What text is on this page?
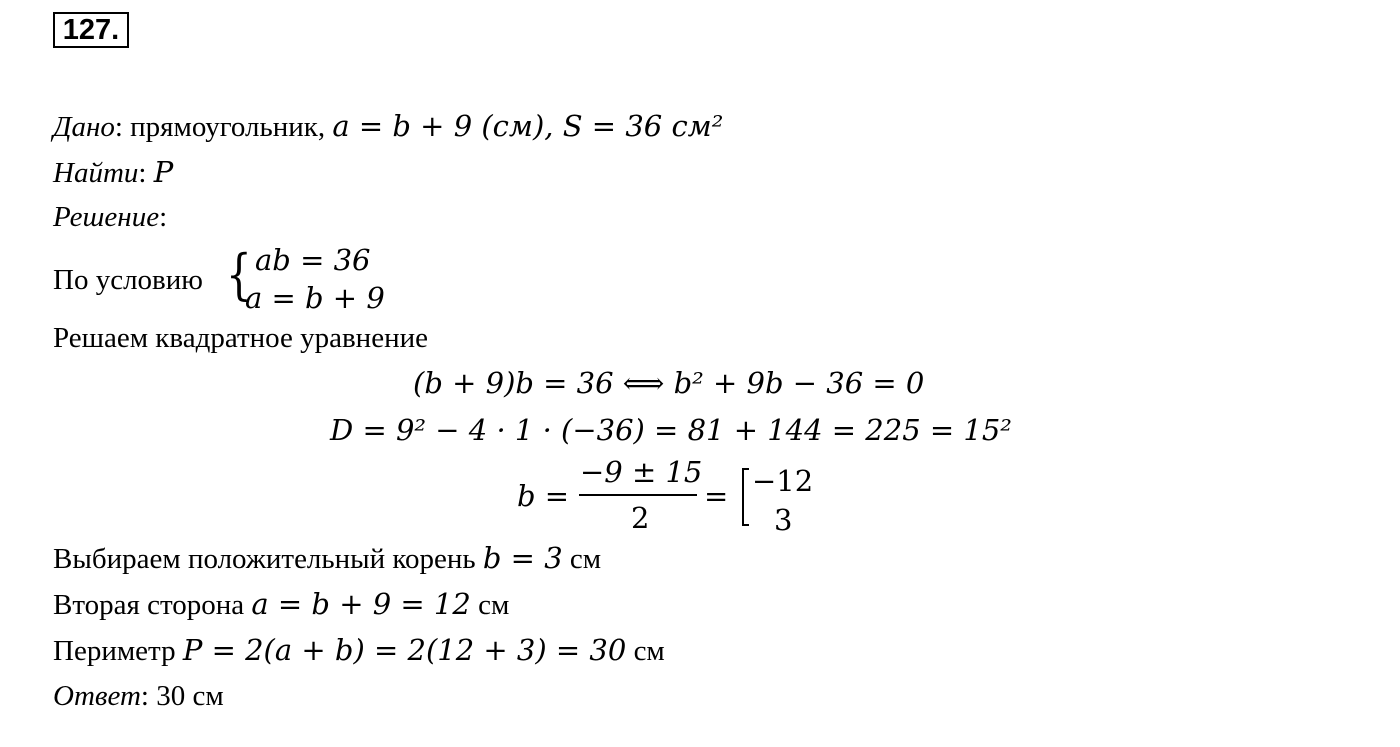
127.
Дано: прямоугольник, a = b + 9 (см), S = 36 см²
Найти: P
Решение:
По условию { ab = 36
a = b + 9
Решаем квадратное уравнение
(b + 9)b = 36 ⟺ b² + 9b − 36 = 0
D = 9² − 4 · 1 · (−36) = 81 + 144 = 225 = 15²
b =
−9 ± 15
2
= −12
3
Выбираем положительный корень b = 3 см
Вторая сторона a = b + 9 = 12 см
Периметр P = 2(a + b) = 2(12 + 3) = 30 см
Ответ: 30 см
